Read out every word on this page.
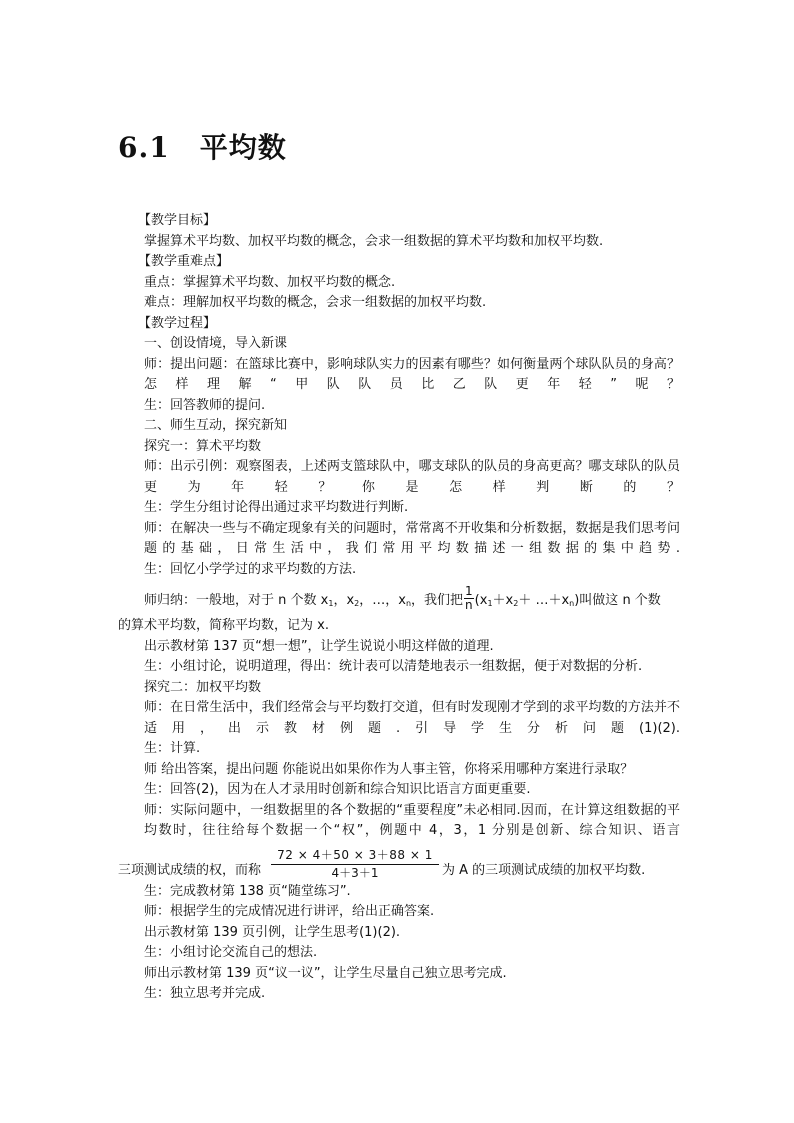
6.1 平均数
【教学目标】
掌握算术平均数、加权平均数的概念，会求一组数据的算术平均数和加权平均数.
【教学重难点】
重点：掌握算术平均数、加权平均数的概念.
难点：理解加权平均数的概念，会求一组数据的加权平均数.
【教学过程】
一、创设情境，导入新课
师：提出问题：在篮球比赛中，影响球队实力的因素有哪些？如何衡量两个球队队员的身高？怎样理解“甲队队员比乙队更年轻”呢？
生：回答教师的提问.
二、师生互动，探究新知
探究一：算术平均数
师：出示引例：观察图表，上述两支篮球队中，哪支球队的队员的身高更高？哪支球队的队员更为年轻？你是怎样判断的？
生：学生分组讨论得出通过求平均数进行判断.
师：在解决一些与不确定现象有关的问题时，常常离不开收集和分析数据，数据是我们思考问题的基础，日常生活中，我们常用平均数描述一组数据的集中趋势.
生：回忆小学学过的求平均数的方法.
师归纳：一般地，对于 n 个数 $x_1$，$x_2$，…，$x_n$，我们把 $\frac{1}{n} (x_1+x_2+$ $\dots+x_n$)叫做这 n 个数
的算术平均数，简称平均数，记为 x.
出示教材第 137 页“想一想”，让学生说说小明这样做的道理.
生：小组讨论，说明道理，得出：统计表可以清楚地表示一组数据，便于对数据的分析.
探究二：加权平均数
师：在日常生活中，我们经常会与平均数打交道，但有时发现刚才学到的求平均数的方法并不适用，出示教材例题.引导学生分析问题(1)(2).
生：计算.
师 给出答案，提出问题 你能说出如果你作为人事主管，你将采用哪种方案进行录取？
生：回答(2)，因为在人才录用时创新和综合知识比语言方面更重要.
师：实际问题中，一组数据里的各个数据的“重要程度”未必相同.因而，在计算这组数据的平均数时，往往给每个数据一个“权”，例题中 4，3，1 分别是创新、综合知识、语言
三项测试成绩的权，而称 $\frac{72 \times 4+50 \times 3+88 \times 1}{4+3+1}$ 为 A 的三项测试成绩的加权平均数.
生：完成教材第 138 页“随堂练习”.
师：根据学生的完成情况进行讲评，给出正确答案.
出示教材第 139 页引例，让学生思考(1)(2).
生：小组讨论交流自己的想法.
师出示教材第 139 页“议一议”，让学生尽量自己独立思考完成.
生：独立思考并完成.
